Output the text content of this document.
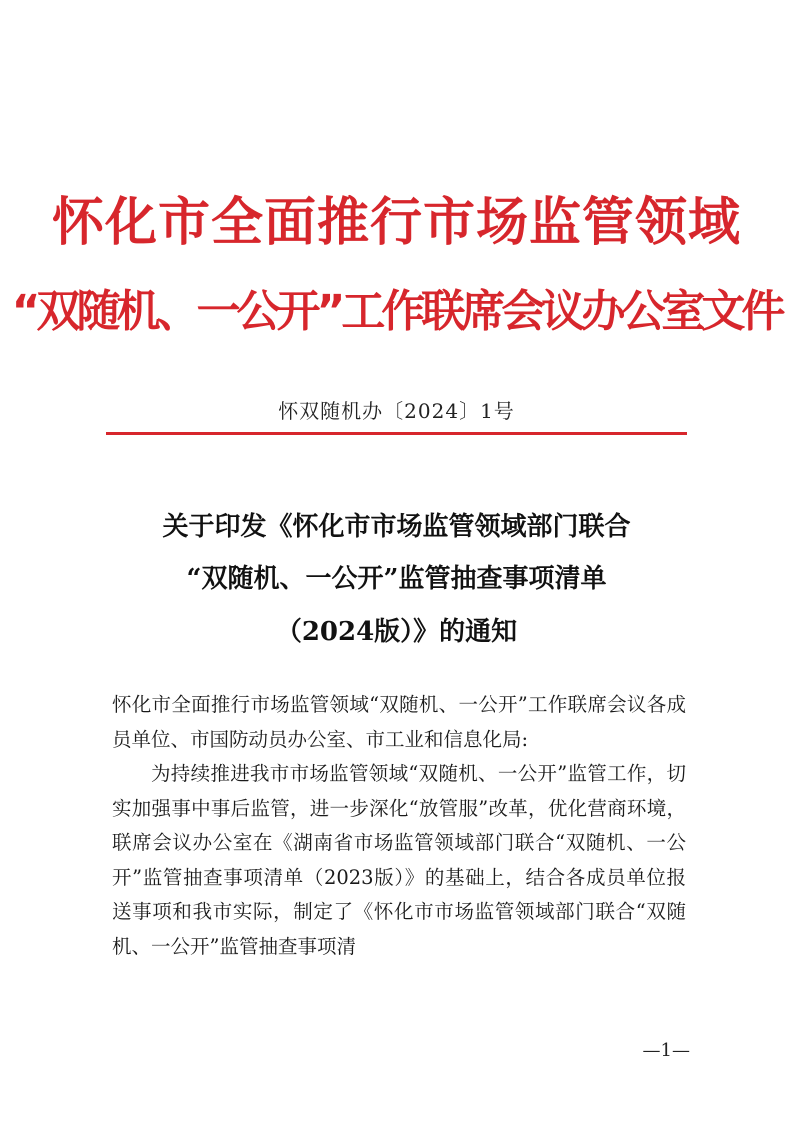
怀化市全面推行市场监管领域
“双随机、一公开”工作联席会议办公室文件

怀双随机办〔2024〕1号

关于印发《怀化市市场监管领域部门联合
“双随机、一公开”监管抽查事项清单
（2024版）》的通知

怀化市全面推行市场监管领域“双随机、一公开”工作联席会议各成员单位、市国防动员办公室、市工业和信息化局:

为持续推进我市市场监管领域“双随机、一公开”监管工作，切实加强事中事后监管，进一步深化“放管服”改革，优化营商环境，联席会议办公室在《湖南省市场监管领域部门联合“双随机、一公开”监管抽查事项清单（2023版）》的基础上，结合各成员单位报送事项和我市实际，制定了《怀化市市场监管领域部门联合“双随机、一公开”监管抽查事项清

—1—
